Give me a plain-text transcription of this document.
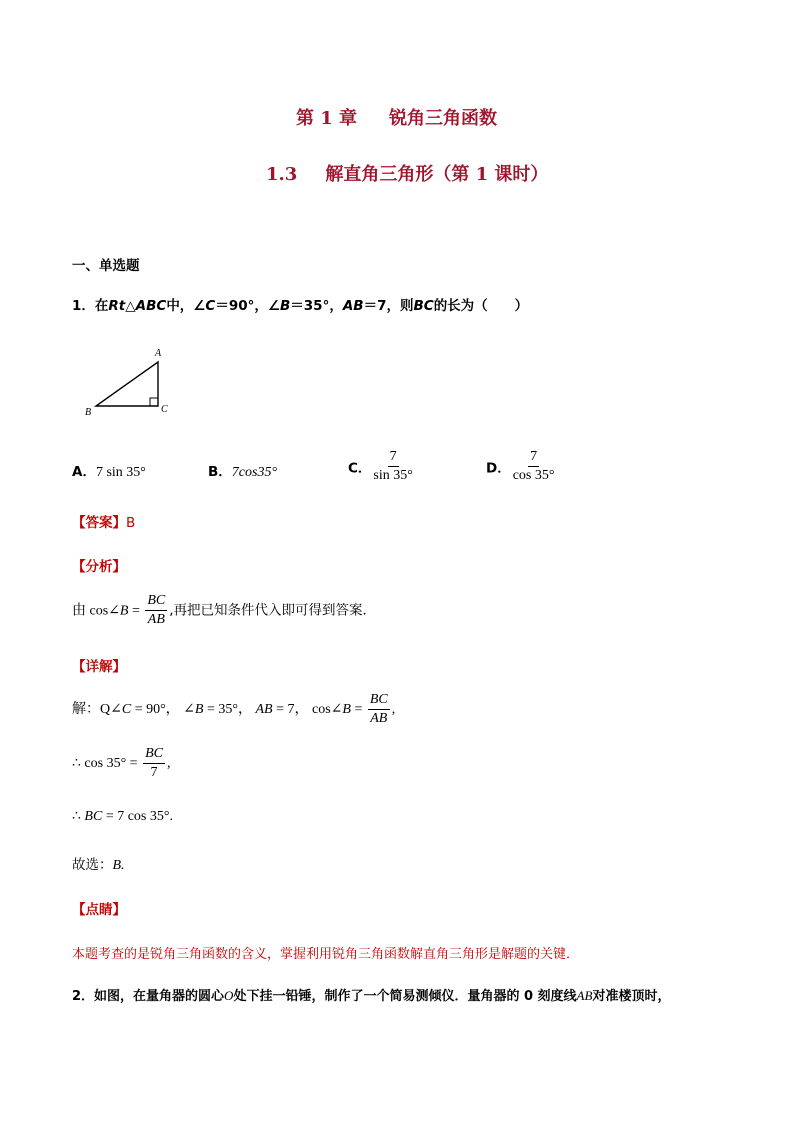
第 1 章 锐角三角函数
1.3 解直角三角形（第 1 课时）
一、单选题
1．在Rt△ABC中，∠C＝90°，∠B＝35°，AB＝7，则BC的长为（　　）
A
B	C
A．7 sin 35°	B．7cos35°	C． $\frac{7}{\sin 35^\circ}$	D． $\frac{7}{\cos 35^\circ}$
【答案】B
【分析】
由 cos∠B = $\frac{BC}{AB}$ ,再把已知条件代入即可得到答案．
【详解】
解：Q∠C = 90°， ∠B = 35°， AB = 7， cos∠B = $\frac{BC}{AB}$ ,
∴ $\cos 35^\circ = \frac{BC}{7}$ ,
∴ BC = 7 cos 35°.
故选：B.
【点睛】
本题考查的是锐角三角函数的含义，掌握利用锐角三角函数解直角三角形是解题的关键．
2．如图，在量角器的圆心O处下挂一铅锤，制作了一个简易测倾仪．量角器的 0 刻度线AB对准楼顶时，
